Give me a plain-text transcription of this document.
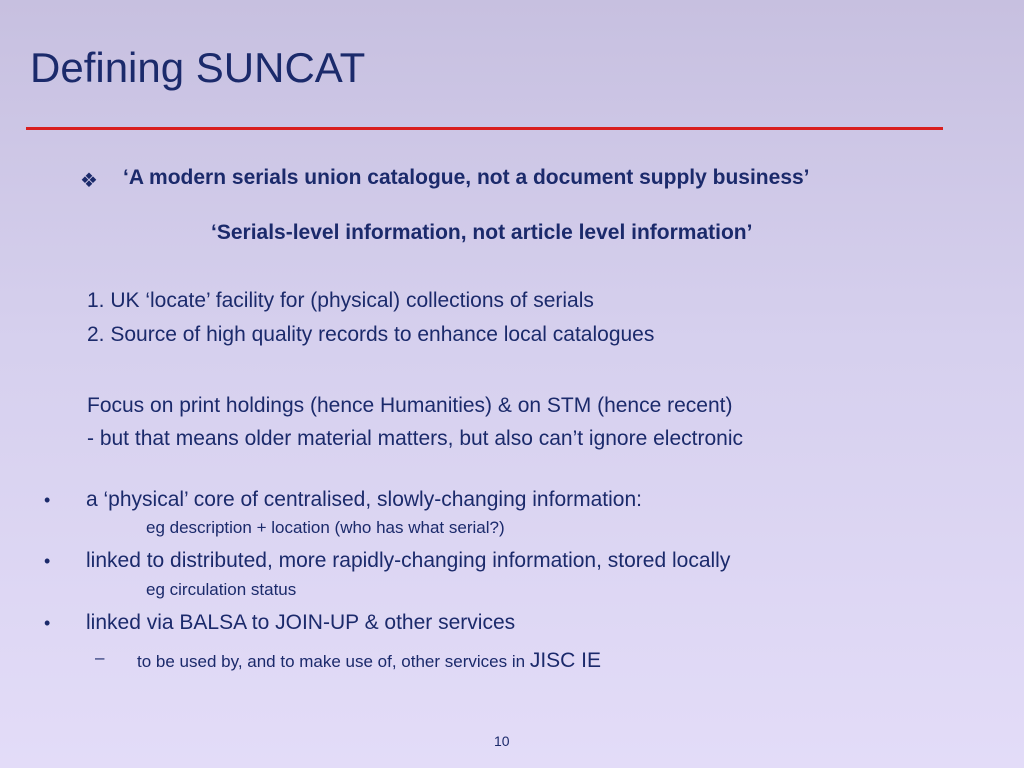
Defining SUNCAT
❖ ‘A modern serials union catalogue, not a document supply business’
‘Serials-level information, not article level information’
1. UK ‘locate’ facility for (physical) collections of serials
2. Source of high quality records to enhance local catalogues
Focus on print holdings (hence Humanities) & on STM (hence recent)
- but that means older material matters, but also can’t ignore electronic
• a ‘physical’ core of centralised, slowly-changing information:
eg description + location (who has what serial?)
• linked to distributed, more rapidly-changing information, stored locally
eg circulation status
• linked via BALSA to JOIN-UP & other services
– to be used by, and to make use of, other services in JISC IE
10
